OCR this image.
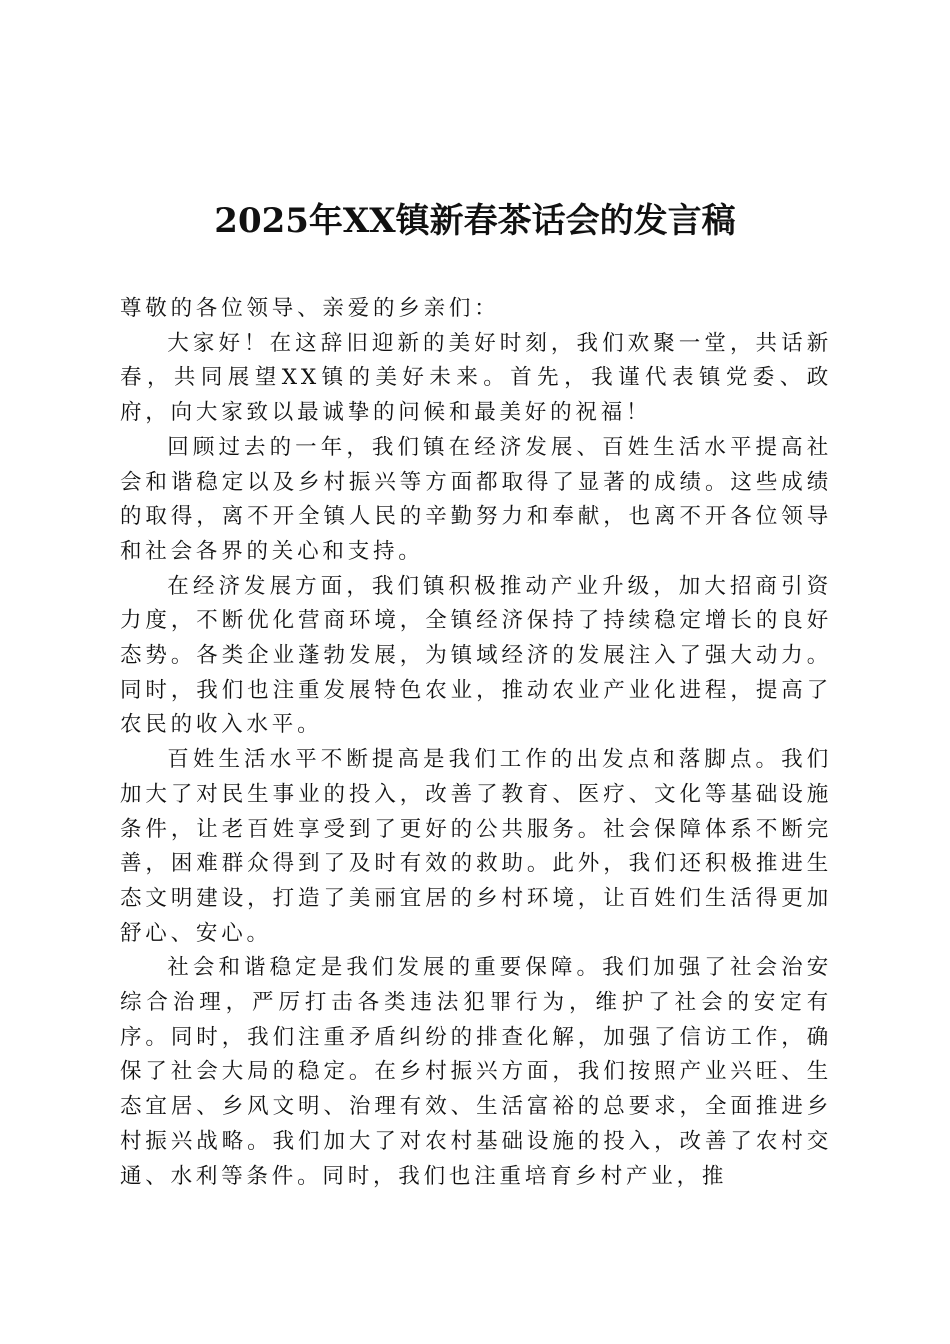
2025年XX镇新春茶话会的发言稿

尊敬的各位领导、亲爱的乡亲们：

大家好！在这辞旧迎新的美好时刻，我们欢聚一堂，共话新春，共同展望XX镇的美好未来。首先，我谨代表镇党委、政府，向大家致以最诚挚的问候和最美好的祝福！

回顾过去的一年，我们镇在经济发展、百姓生活水平提高社会和谐稳定以及乡村振兴等方面都取得了显著的成绩。这些成绩的取得，离不开全镇人民的辛勤努力和奉献，也离不开各位领导和社会各界的关心和支持。

在经济发展方面，我们镇积极推动产业升级，加大招商引资力度，不断优化营商环境，全镇经济保持了持续稳定增长的良好态势。各类企业蓬勃发展，为镇域经济的发展注入了强大动力。同时，我们也注重发展特色农业，推动农业产业化进程，提高了农民的收入水平。

百姓生活水平不断提高是我们工作的出发点和落脚点。我们加大了对民生事业的投入，改善了教育、医疗、文化等基础设施条件，让老百姓享受到了更好的公共服务。社会保障体系不断完善，困难群众得到了及时有效的救助。此外，我们还积极推进生态文明建设，打造了美丽宜居的乡村环境，让百姓们生活得更加舒心、安心。

社会和谐稳定是我们发展的重要保障。我们加强了社会治安综合治理，严厉打击各类违法犯罪行为，维护了社会的安定有序。同时，我们注重矛盾纠纷的排查化解，加强了信访工作，确保了社会大局的稳定。在乡村振兴方面，我们按照产业兴旺、生态宜居、乡风文明、治理有效、生活富裕的总要求，全面推进乡村振兴战略。我们加大了对农村基础设施的投入，改善了农村交通、水利等条件。同时，我们也注重培育乡村产业，推
